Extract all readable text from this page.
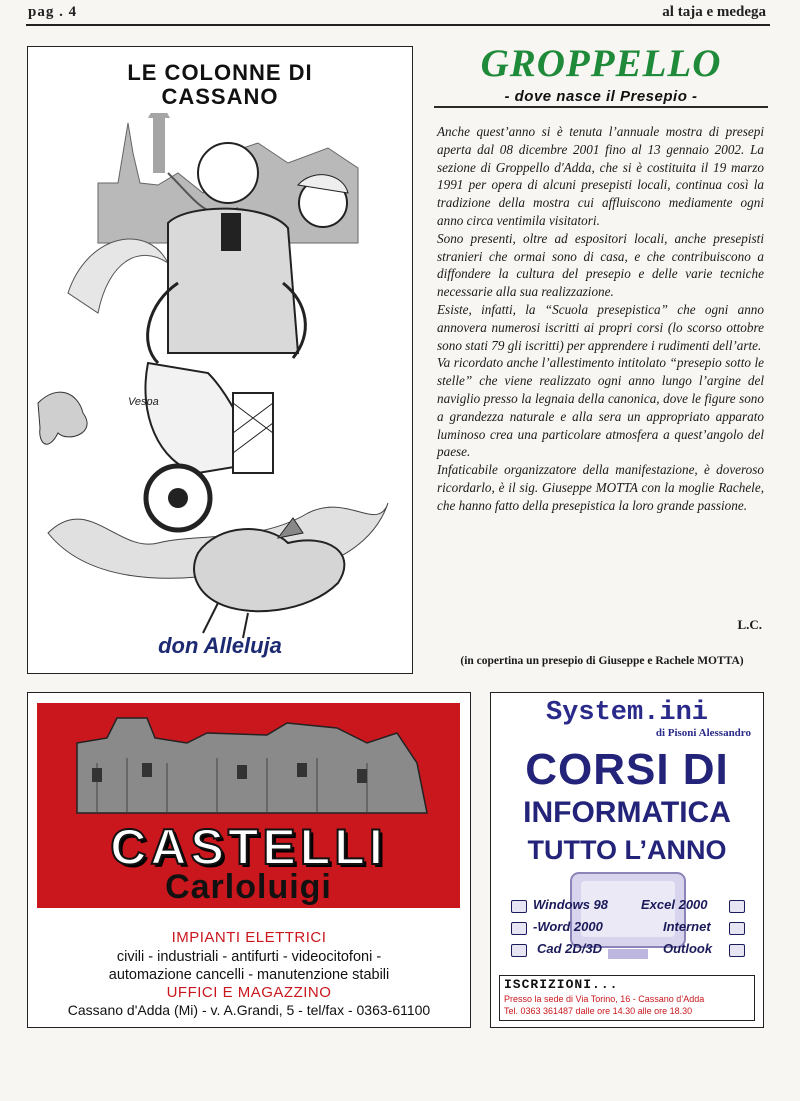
pag . 4	al taja e medega
LE COLONNE DI
CASSANO
Vespa
don Alleluja
GROPPELLO
- dove nasce il Presepio -

Anche quest’anno si è tenuta l’annuale mostra di presepi aperta dal 08 dicembre 2001 fino al 13 gennaio 2002. La sezione di Groppello d'Adda, che si è costituita il 19 marzo 1991 per opera di alcuni presepisti locali, continua così la tradizione della mostra cui affluiscono mediamente ogni anno circa ventimila visitatori.

Sono presenti, oltre ad espositori locali, anche presepisti stranieri che ormai sono di casa, e che contribuiscono a diffondere la cultura del presepio e delle varie tecniche necessarie alla sua realizzazione.

Esiste, infatti, la “Scuola presepistica” che ogni anno annovera numerosi iscritti ai propri corsi (lo scorso ottobre sono stati 79 gli iscritti) per apprendere i rudimenti dell’arte.

Va ricordato anche l’allestimento intitolato “presepio sotto le stelle” che viene realizzato ogni anno lungo l’argine del naviglio presso la legnaia della canonica, dove le figure sono a grandezza naturale e alla sera un appropriato apparato luminoso crea una particolare atmosfera a quest’angolo del paese.

Infaticabile organizzatore della manifestazione, è doveroso ricordarlo, è il sig. Giuseppe MOTTA con la moglie Rachele, che hanno fatto della presepistica la loro grande passione.

L.C.
(in copertina un presepio di Giuseppe e Rachele MOTTA)
CASTELLI
Carloluigi
IMPIANTI ELETTRICI
civili - industriali - antifurti - videocitofoni -
automazione cancelli - manutenzione stabili
UFFICI E MAGAZZINO
Cassano d'Adda (Mi) - v. A.Grandi, 5 - tel/fax - 0363-61100
System.ini
di Pisoni Alessandro
CORSI DI
INFORMATICA
TUTTO L’ANNO
Windows 98
-Word 2000
Cad 2D/3D
Excel 2000
Internet
Outlook
ISCRIZIONI...
Presso la sede di Via Torino, 16 - Cassano d’Adda
Tel. 0363 361487 dalle ore 14.30 alle ore 18.30
